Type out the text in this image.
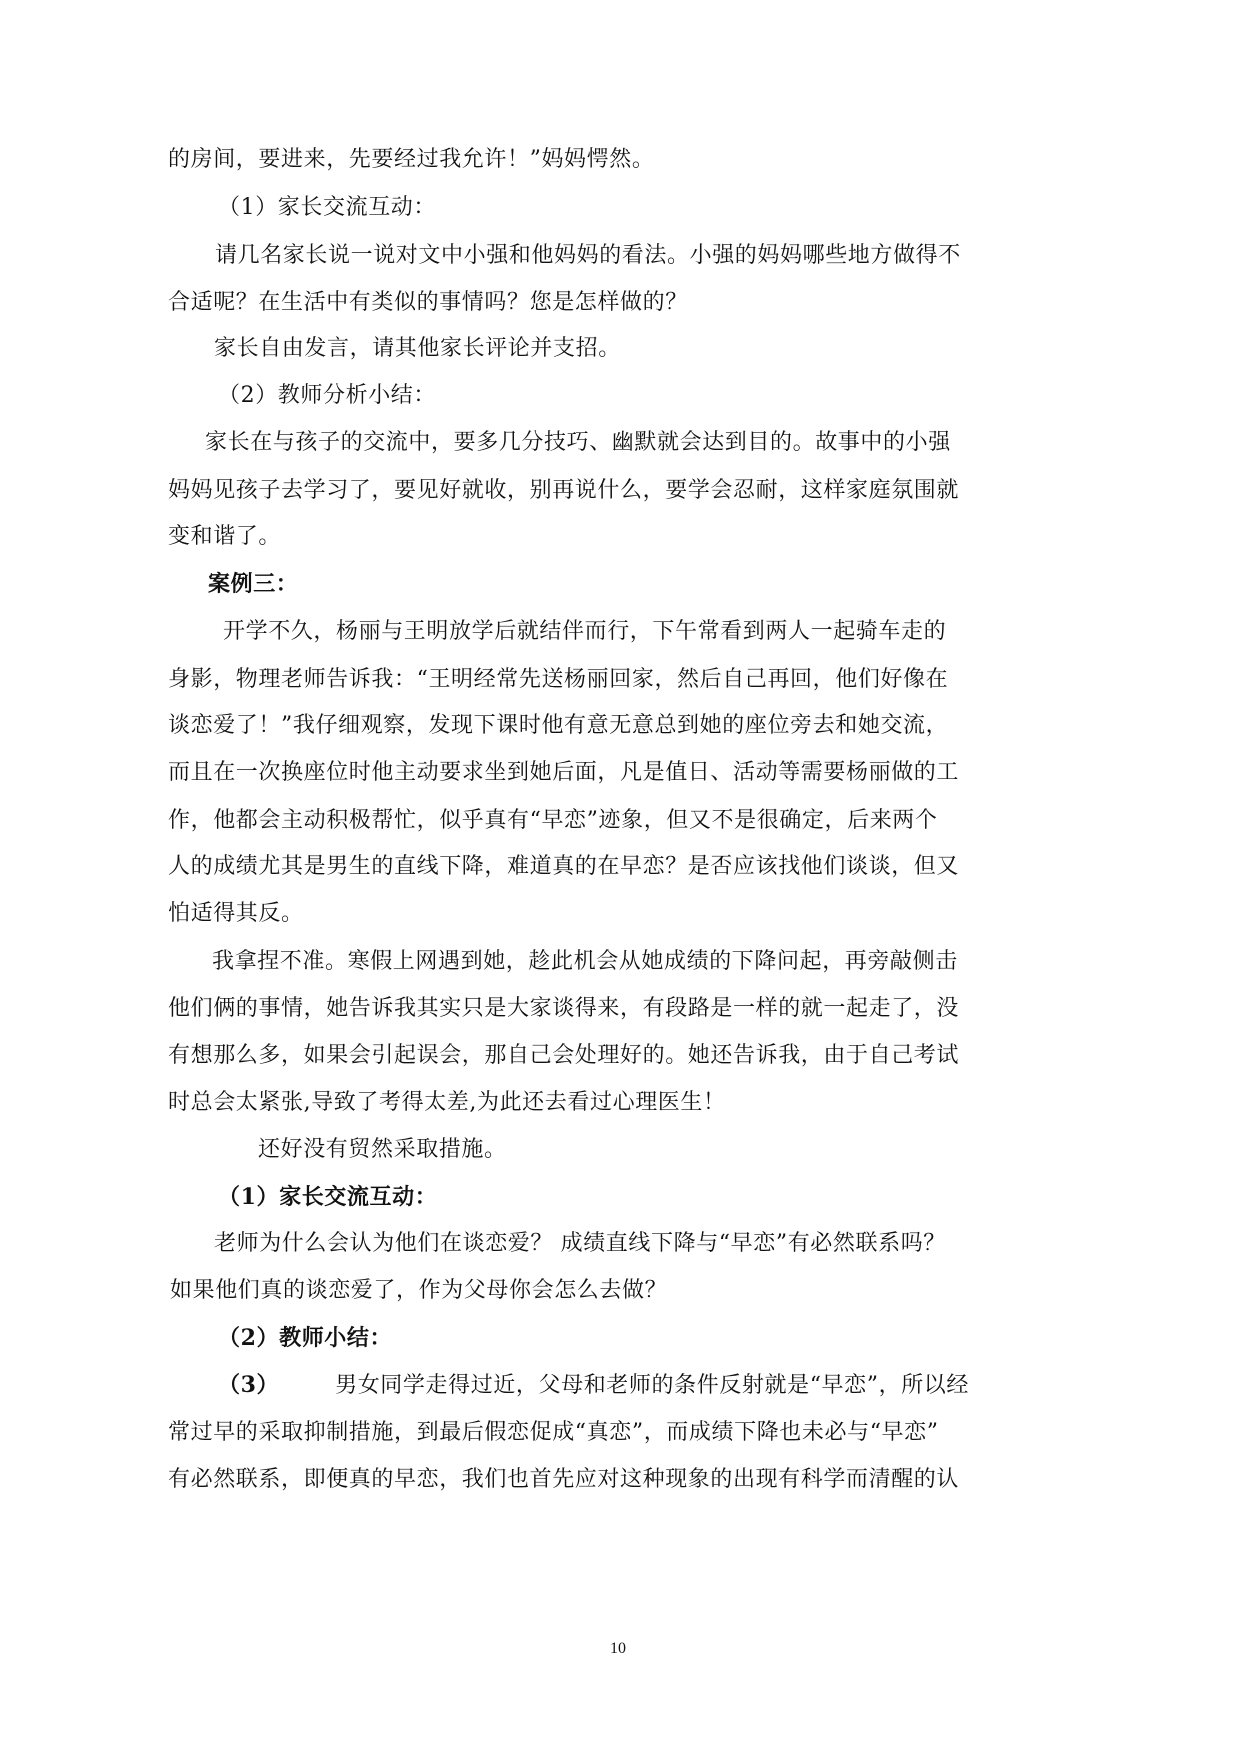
的房间，要进来，先要经过我允许！”妈妈愕然。
（1）家长交流互动：
请几名家长说一说对文中小强和他妈妈的看法。小强的妈妈哪些地方做得不
合适呢？在生活中有类似的事情吗？您是怎样做的？
家长自由发言，请其他家长评论并支招。
（2）教师分析小结：
家长在与孩子的交流中，要多几分技巧、幽默就会达到目的。故事中的小强
妈妈见孩子去学习了，要见好就收，别再说什么，要学会忍耐，这样家庭氛围就
变和谐了。
案例三：
开学不久，杨丽与王明放学后就结伴而行，下午常看到两人一起骑车走的
身影，物理老师告诉我：“王明经常先送杨丽回家，然后自己再回，他们好像在
谈恋爱了！”我仔细观察，发现下课时他有意无意总到她的座位旁去和她交流，
而且在一次换座位时他主动要求坐到她后面，凡是值日、活动等需要杨丽做的工
作，他都会主动积极帮忙，似乎真有“早恋”迹象，但又不是很确定，后来两个
人的成绩尤其是男生的直线下降，难道真的在早恋？是否应该找他们谈谈，但又
怕适得其反。
我拿捏不准。寒假上网遇到她，趁此机会从她成绩的下降问起，再旁敲侧击
他们俩的事情，她告诉我其实只是大家谈得来，有段路是一样的就一起走了，没
有想那么多，如果会引起误会，那自己会处理好的。她还告诉我，由于自己考试
时总会太紧张,导致了考得太差,为此还去看过心理医生！
还好没有贸然采取措施。
（1）家长交流互动：
老师为什么会认为他们在谈恋爱？ 成绩直线下降与“早恋”有必然联系吗？
如果他们真的谈恋爱了，作为父母你会怎么去做？
（2）教师小结：
（3）	男女同学走得过近，父母和老师的条件反射就是“早恋”，所以经
常过早的采取抑制措施，到最后假恋促成“真恋”，而成绩下降也未必与“早恋”
有必然联系，即便真的早恋，我们也首先应对这种现象的出现有科学而清醒的认
10
